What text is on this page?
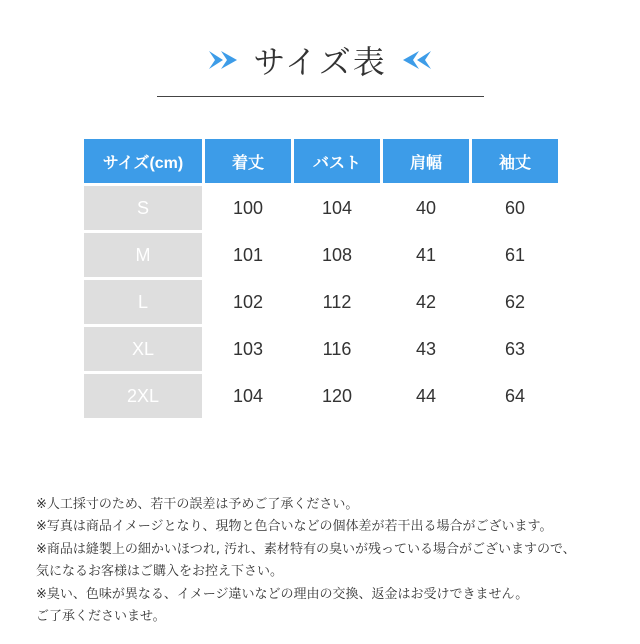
サイズ表
サイズ(cm)	着丈	バスト	肩幅	袖丈
S	100	104	40	60
M	101	108	41	61
L	102	112	42	62
XL	103	116	43	63
2XL	104	120	44	64
※人工採寸のため、若干の誤差は予めご了承ください。
※写真は商品イメージとなり、現物と色合いなどの個体差が若干出る場合がございます。
※商品は縫製上の細かいほつれ, 汚れ、素材特有の臭いが残っている場合がございますので、
気になるお客様はご購入をお控え下さい。
※臭い、色味が異なる、イメージ違いなどの理由の交換、返金はお受けできません。
ご了承くださいませ。
